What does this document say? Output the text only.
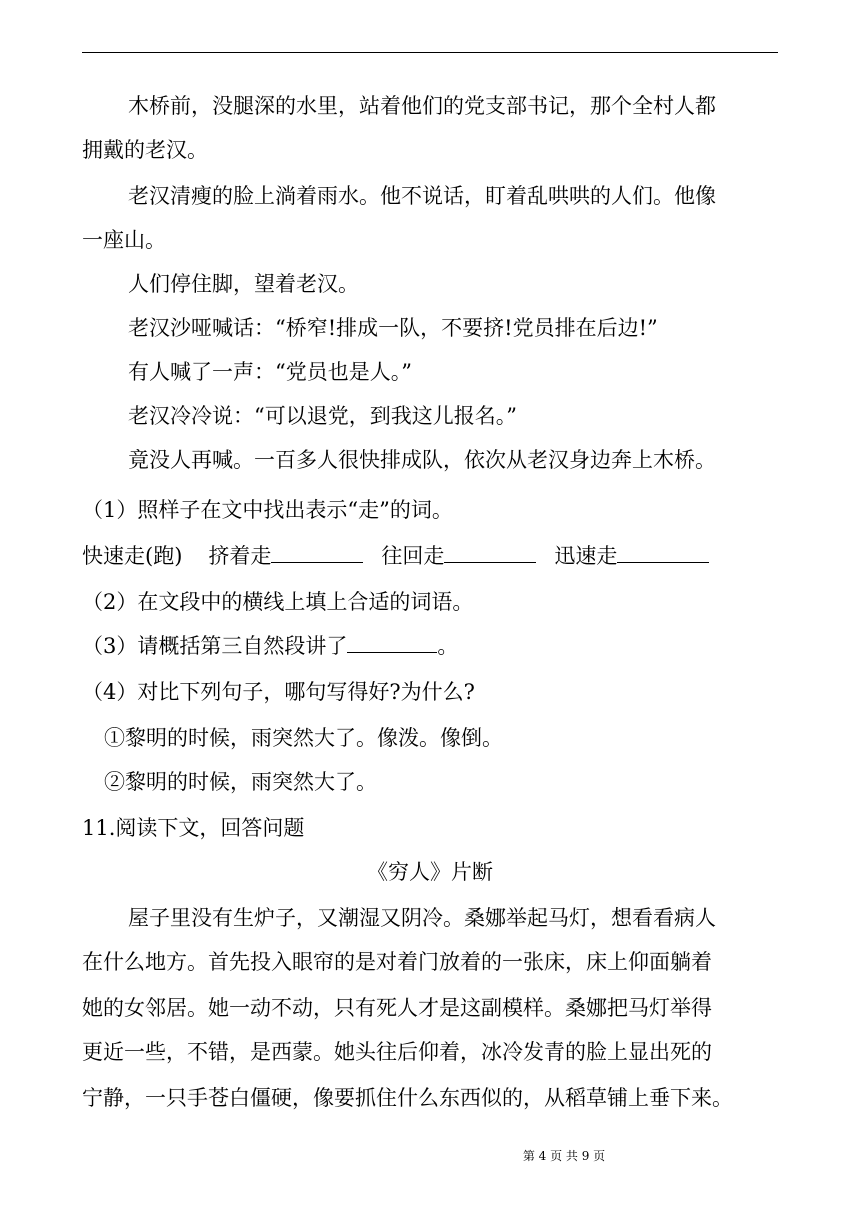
木桥前，没腿深的水里，站着他们的党支部书记，那个全村人都
拥戴的老汉。
老汉清瘦的脸上淌着雨水。他不说话，盯着乱哄哄的人们。他像
一座山。
人们停住脚，望着老汉。
老汉沙哑喊话：“桥窄!排成一队，不要挤!党员排在后边!”
有人喊了一声：“党员也是人。”
老汉冷冷说：“可以退党，到我这儿报名。”
竟没人再喊。一百多人很快排成队，依次从老汉身边奔上木桥。
（1）照样子在文中找出表示“走”的词。
快速走(跑) 挤着走	往回走	迅速走
（2）在文段中的横线上填上合适的词语。
（3）请概括第三自然段讲了	。
（4）对比下列句子，哪句写得好?为什么?
①黎明的时候，雨突然大了。像泼。像倒。
②黎明的时候，雨突然大了。
11.阅读下文，回答问题
《穷人》片断
屋子里没有生炉子，又潮湿又阴冷。桑娜举起马灯，想看看病人
在什么地方。首先投入眼帘的是对着门放着的一张床，床上仰面躺着
她的女邻居。她一动不动，只有死人才是这副模样。桑娜把马灯举得
更近一些，不错，是西蒙。她头往后仰着，冰冷发青的脸上显出死的
宁静，一只手苍白僵硬，像要抓住什么东西似的，从稻草铺上垂下来。
第 4 页 共 9 页
